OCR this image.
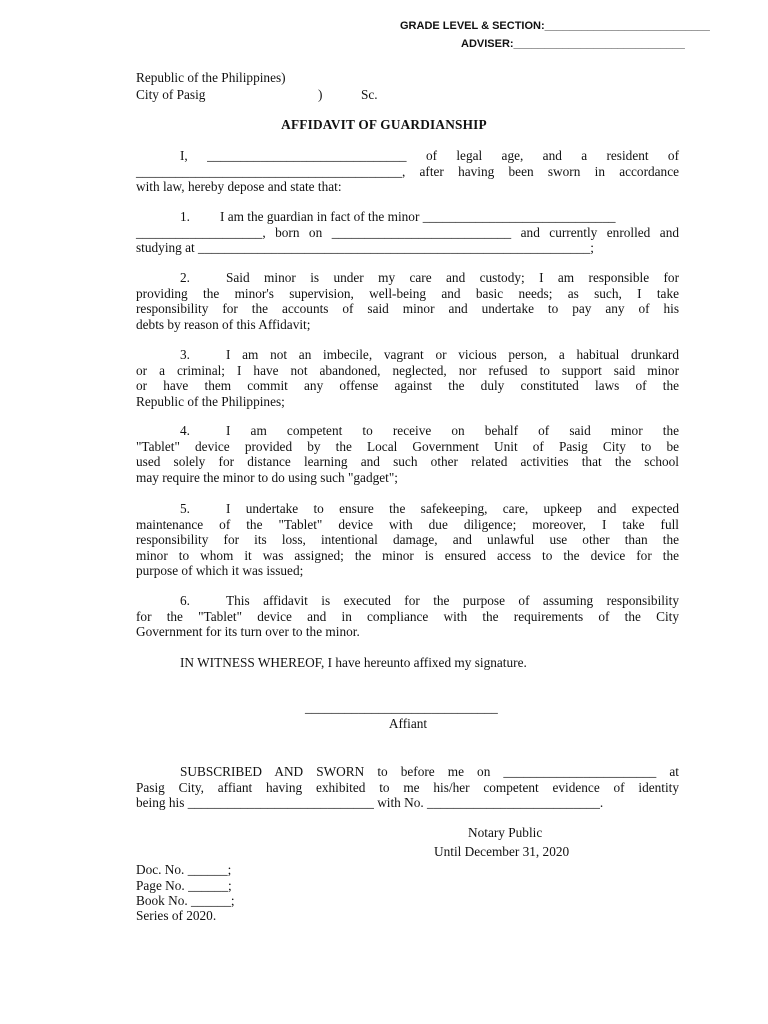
GRADE LEVEL & SECTION:___________________________
ADVISER:____________________________
Republic of the Philippines)
City of Pasig	)	Sc.
AFFIDAVIT OF GUARDIANSHIP
I, ______________________________ of legal age, and a resident of
________________________________________, after having been sworn in accordance
with law, hereby depose and state that:
1. I am the guardian in fact of the minor _____________________________
___________________, born on ___________________________ and currently enrolled and
studying at ___________________________________________________________;
2.	Said minor is under my care and custody; I am responsible for
providing the minor's supervision, well-being and basic needs; as such, I take
responsibility for the accounts of said minor and undertake to pay any of his
debts by reason of this Affidavit;
3.	I am not an imbecile, vagrant or vicious person, a habitual drunkard
or a criminal; I have not abandoned, neglected, nor refused to support said minor
or have them commit any offense against the duly constituted laws of the
Republic of the Philippines;
4.	I am competent to receive on behalf of said minor the
"Tablet" device provided by the Local Government Unit of Pasig City to be
used solely for distance learning and such other related activities that the school
may require the minor to do using such "gadget";
5.	I undertake to ensure the safekeeping, care, upkeep and expected
maintenance of the "Tablet" device with due diligence; moreover, I take full
responsibility for its loss, intentional damage, and unlawful use other than the
minor to whom it was assigned; the minor is ensured access to the device for the
purpose of which it was issued;
6.	This affidavit is executed for the purpose of assuming responsibility
for the "Tablet" device and in compliance with the requirements of the City
Government for its turn over to the minor.
IN WITNESS WHEREOF, I have hereunto affixed my signature.
_____________________________
Affiant
SUBSCRIBED AND SWORN to before me on _______________________ at
Pasig City, affiant having exhibited to me his/her competent evidence of identity
being his ____________________________ with No. __________________________.
Notary Public
Until December 31, 2020
Doc. No. ______;
Page No. ______;
Book No. ______;
Series of 2020.
